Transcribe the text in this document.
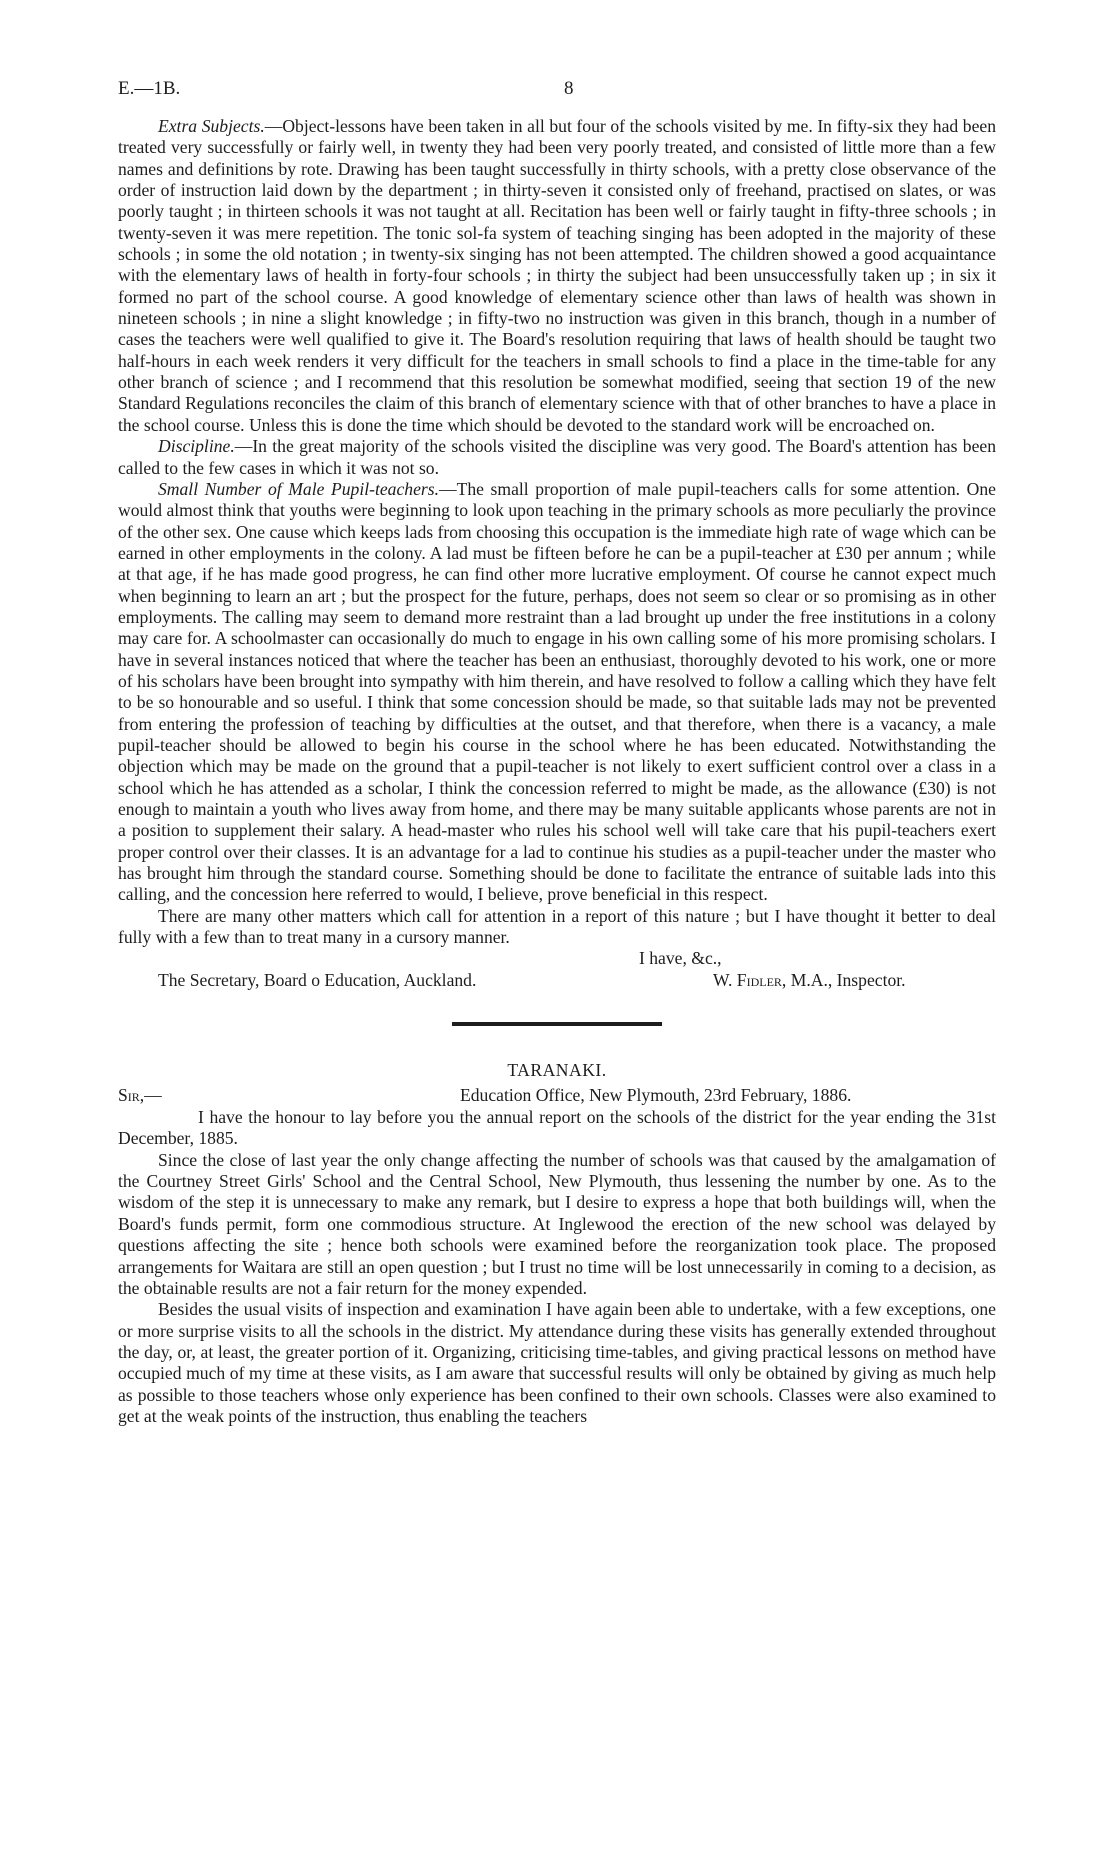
E.—1B.	8

Extra Subjects.—Object-lessons have been taken in all but four of the schools visited by me. In fifty-six they had been treated very successfully or fairly well, in twenty they had been very poorly treated, and consisted of little more than a few names and definitions by rote. Drawing has been taught successfully in thirty schools, with a pretty close observance of the order of instruction laid down by the department ; in thirty-seven it consisted only of freehand, practised on slates, or was poorly taught ; in thirteen schools it was not taught at all. Recitation has been well or fairly taught in fifty-three schools ; in twenty-seven it was mere repetition. The tonic sol-fa system of teaching singing has been adopted in the majority of these schools ; in some the old notation ; in twenty-six singing has not been attempted. The children showed a good acquaintance with the elementary laws of health in forty-four schools ; in thirty the subject had been unsuccessfully taken up ; in six it formed no part of the school course. A good knowledge of elementary science other than laws of health was shown in nineteen schools ; in nine a slight knowledge ; in fifty-two no instruction was given in this branch, though in a number of cases the teachers were well qualified to give it. The Board's resolution requiring that laws of health should be taught two half-hours in each week renders it very difficult for the teachers in small schools to find a place in the time-table for any other branch of science ; and I recommend that this resolution be somewhat modified, seeing that section 19 of the new Standard Regulations reconciles the claim of this branch of elementary science with that of other branches to have a place in the school course. Unless this is done the time which should be devoted to the standard work will be encroached on.

Discipline.—In the great majority of the schools visited the discipline was very good. The Board's attention has been called to the few cases in which it was not so.

Small Number of Male Pupil-teachers.—The small proportion of male pupil-teachers calls for some attention. One would almost think that youths were beginning to look upon teaching in the primary schools as more peculiarly the province of the other sex. One cause which keeps lads from choosing this occupation is the immediate high rate of wage which can be earned in other employments in the colony. A lad must be fifteen before he can be a pupil-teacher at £30 per annum ; while at that age, if he has made good progress, he can find other more lucrative employment. Of course he cannot expect much when beginning to learn an art ; but the prospect for the future, perhaps, does not seem so clear or so promising as in other employments. The calling may seem to demand more restraint than a lad brought up under the free institutions in a colony may care for. A schoolmaster can occasionally do much to engage in his own calling some of his more promising scholars. I have in several instances noticed that where the teacher has been an enthusiast, thoroughly devoted to his work, one or more of his scholars have been brought into sympathy with him therein, and have resolved to follow a calling which they have felt to be so honourable and so useful. I think that some concession should be made, so that suitable lads may not be prevented from entering the profession of teaching by difficulties at the outset, and that therefore, when there is a vacancy, a male pupil-teacher should be allowed to begin his course in the school where he has been educated. Notwithstanding the objection which may be made on the ground that a pupil-teacher is not likely to exert sufficient control over a class in a school which he has attended as a scholar, I think the concession referred to might be made, as the allowance (£30) is not enough to maintain a youth who lives away from home, and there may be many suitable applicants whose parents are not in a position to supplement their salary. A head-master who rules his school well will take care that his pupil-teachers exert proper control over their classes. It is an advantage for a lad to continue his studies as a pupil-teacher under the master who has brought him through the standard course. Something should be done to facilitate the entrance of suitable lads into this calling, and the concession here referred to would, I believe, prove beneficial in this respect.

There are many other matters which call for attention in a report of this nature ; but I have thought it better to deal fully with a few than to treat many in a cursory manner.

I have, &c.,
The Secretary, Board o Education, Auckland.	W. Fidler, M.A., Inspector.
TARANAKI.
Sir,—	Education Office, New Plymouth, 23rd February, 1886.

I have the honour to lay before you the annual report on the schools of the district for the year ending the 31st December, 1885.

Since the close of last year the only change affecting the number of schools was that caused by the amalgamation of the Courtney Street Girls' School and the Central School, New Plymouth, thus lessening the number by one. As to the wisdom of the step it is unnecessary to make any remark, but I desire to express a hope that both buildings will, when the Board's funds permit, form one commodious structure. At Inglewood the erection of the new school was delayed by questions affecting the site ; hence both schools were examined before the reorganization took place. The proposed arrangements for Waitara are still an open question ; but I trust no time will be lost unnecessarily in coming to a decision, as the obtainable results are not a fair return for the money expended.

Besides the usual visits of inspection and examination I have again been able to undertake, with a few exceptions, one or more surprise visits to all the schools in the district. My attendance during these visits has generally extended throughout the day, or, at least, the greater portion of it. Organizing, criticising time-tables, and giving practical lessons on method have occupied much of my time at these visits, as I am aware that successful results will only be obtained by giving as much help as possible to those teachers whose only experience has been confined to their own schools. Classes were also examined to get at the weak points of the instruction, thus enabling the teachers
